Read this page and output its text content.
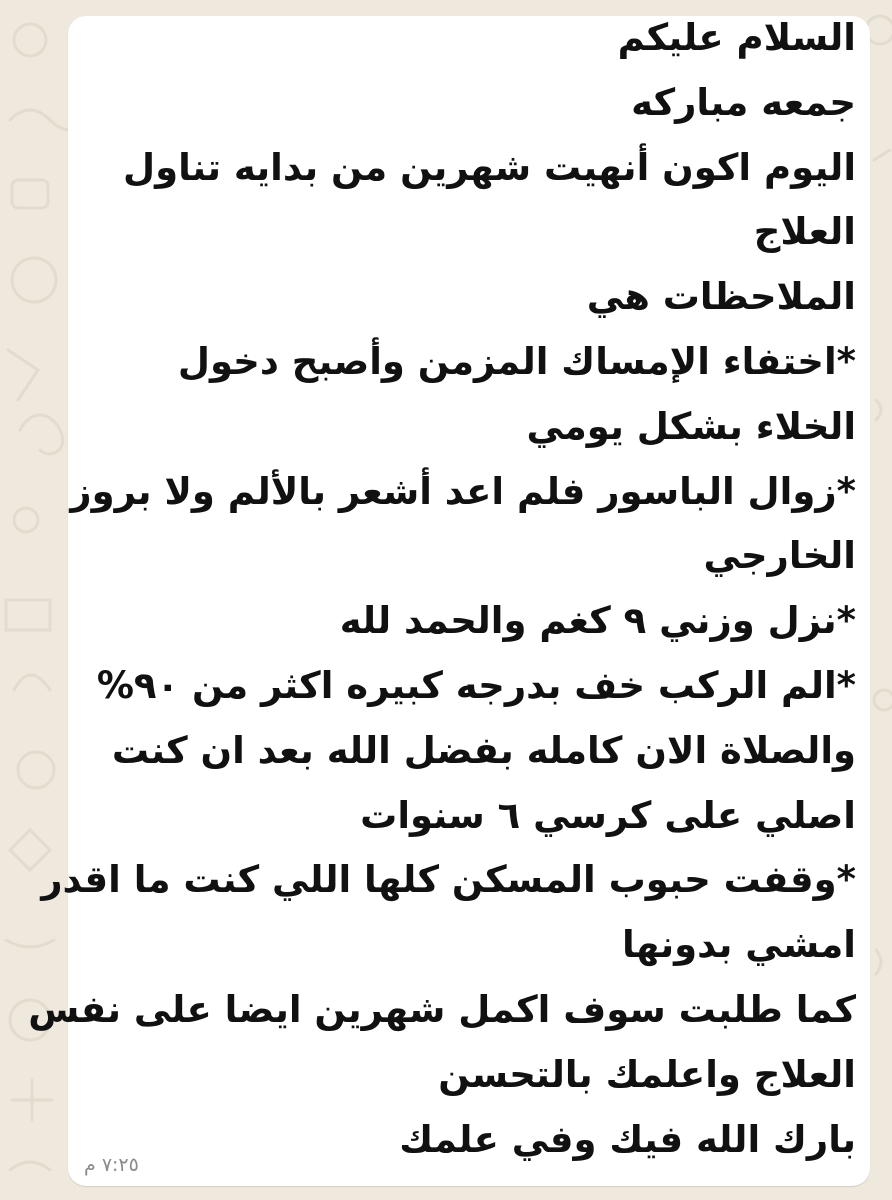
السلام عليكم
جمعه مباركه
اليوم اكون أنهيت شهرين من بدايه تناول
العلاج
الملاحظات هي
*اختفاء الإمساك المزمن وأصبح دخول
الخلاء بشكل يومي
*زوال الباسور فلم اعد أشعر بالألم ولا بروز
الخارجي
*نزل وزني ٩ كغم والحمد لله
*الم الركب خف بدرجه كبيره اكثر من ٩٠%
والصلاة الان كامله بفضل الله بعد ان كنت
اصلي على كرسي ٦ سنوات
*وقفت حبوب المسكن كلها اللي كنت ما اقدر
امشي بدونها
كما طلبت سوف اكمل شهرين ايضا على نفس
العلاج واعلمك بالتحسن
بارك الله فيك وفي علمك
٧:٢٥ م
